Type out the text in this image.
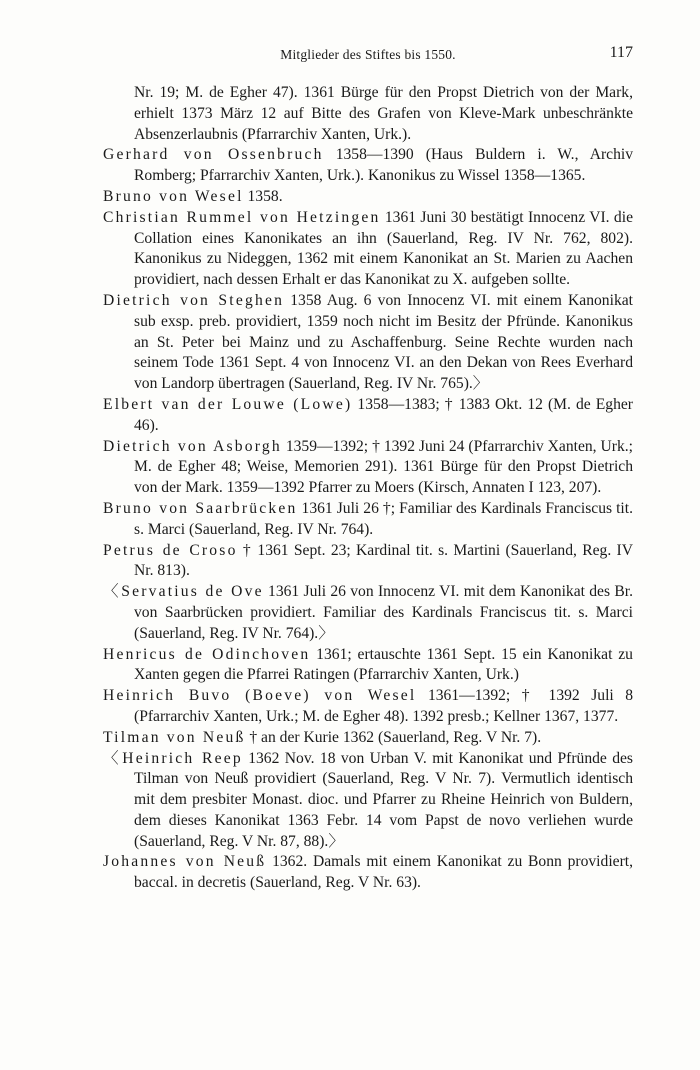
Mitglieder des Stiftes bis 1550.	117

Nr. 19; M. de Egher 47). 1361 Bürge für den Propst Dietrich von der Mark, erhielt 1373 März 12 auf Bitte des Grafen von Kleve-Mark unbeschränkte Absenzerlaubnis (Pfarrarchiv Xanten, Urk.).

Gerhard von Ossenbruch 1358—1390 (Haus Buldern i. W., Archiv Romberg; Pfarrarchiv Xanten, Urk.). Kanonikus zu Wissel 1358—1365.

Bruno von Wesel 1358.

Christian Rummel von Hetzingen 1361 Juni 30 bestätigt Innocenz VI. die Collation eines Kanonikates an ihn (Sauerland, Reg. IV Nr. 762, 802). Kanonikus zu Nideggen, 1362 mit einem Kanonikat an St. Marien zu Aachen providiert, nach dessen Erhalt er das Kanonikat zu X. aufgeben sollte.

Dietrich von Steghen 1358 Aug. 6 von Innocenz VI. mit einem Kanonikat sub exsp. preb. providiert, 1359 noch nicht im Besitz der Pfründe. Kanonikus an St. Peter bei Mainz und zu Aschaffenburg. Seine Rechte wurden nach seinem Tode 1361 Sept. 4 von Innocenz VI. an den Dekan von Rees Everhard von Landorp übertragen (Sauerland, Reg. IV Nr. 765).〉

Elbert van der Louwe (Lowe) 1358—1383; † 1383 Okt. 12 (M. de Egher 46).

Dietrich von Asborgh 1359—1392; † 1392 Juni 24 (Pfarrarchiv Xanten, Urk.; M. de Egher 48; Weise, Memorien 291). 1361 Bürge für den Propst Dietrich von der Mark. 1359—1392 Pfarrer zu Moers (Kirsch, Annaten I 123, 207).

Bruno von Saarbrücken 1361 Juli 26 †; Familiar des Kardinals Franciscus tit. s. Marci (Sauerland, Reg. IV Nr. 764).

Petrus de Croso † 1361 Sept. 23; Kardinal tit. s. Martini (Sauerland, Reg. IV Nr. 813).

〈Servatius de Ove 1361 Juli 26 von Innocenz VI. mit dem Kanonikat des Br. von Saarbrücken providiert. Familiar des Kardinals Franciscus tit. s. Marci (Sauerland, Reg. IV Nr. 764).〉

Henricus de Odinchoven 1361; ertauschte 1361 Sept. 15 ein Kanonikat zu Xanten gegen die Pfarrei Ratingen (Pfarrarchiv Xanten, Urk.)

Heinrich Buvo (Boeve) von Wesel 1361—1392; † 1392 Juli 8 (Pfarrarchiv Xanten, Urk.; M. de Egher 48). 1392 presb.; Kellner 1367, 1377.

Tilman von Neuß † an der Kurie 1362 (Sauerland, Reg. V Nr. 7).

〈Heinrich Reep 1362 Nov. 18 von Urban V. mit Kanonikat und Pfründe des Tilman von Neuß providiert (Sauerland, Reg. V Nr. 7). Vermutlich identisch mit dem presbiter Monast. dioc. und Pfarrer zu Rheine Heinrich von Buldern, dem dieses Kanonikat 1363 Febr. 14 vom Papst de novo verliehen wurde (Sauerland, Reg. V Nr. 87, 88).〉

Johannes von Neuß 1362. Damals mit einem Kanonikat zu Bonn providiert, baccal. in decretis (Sauerland, Reg. V Nr. 63).
